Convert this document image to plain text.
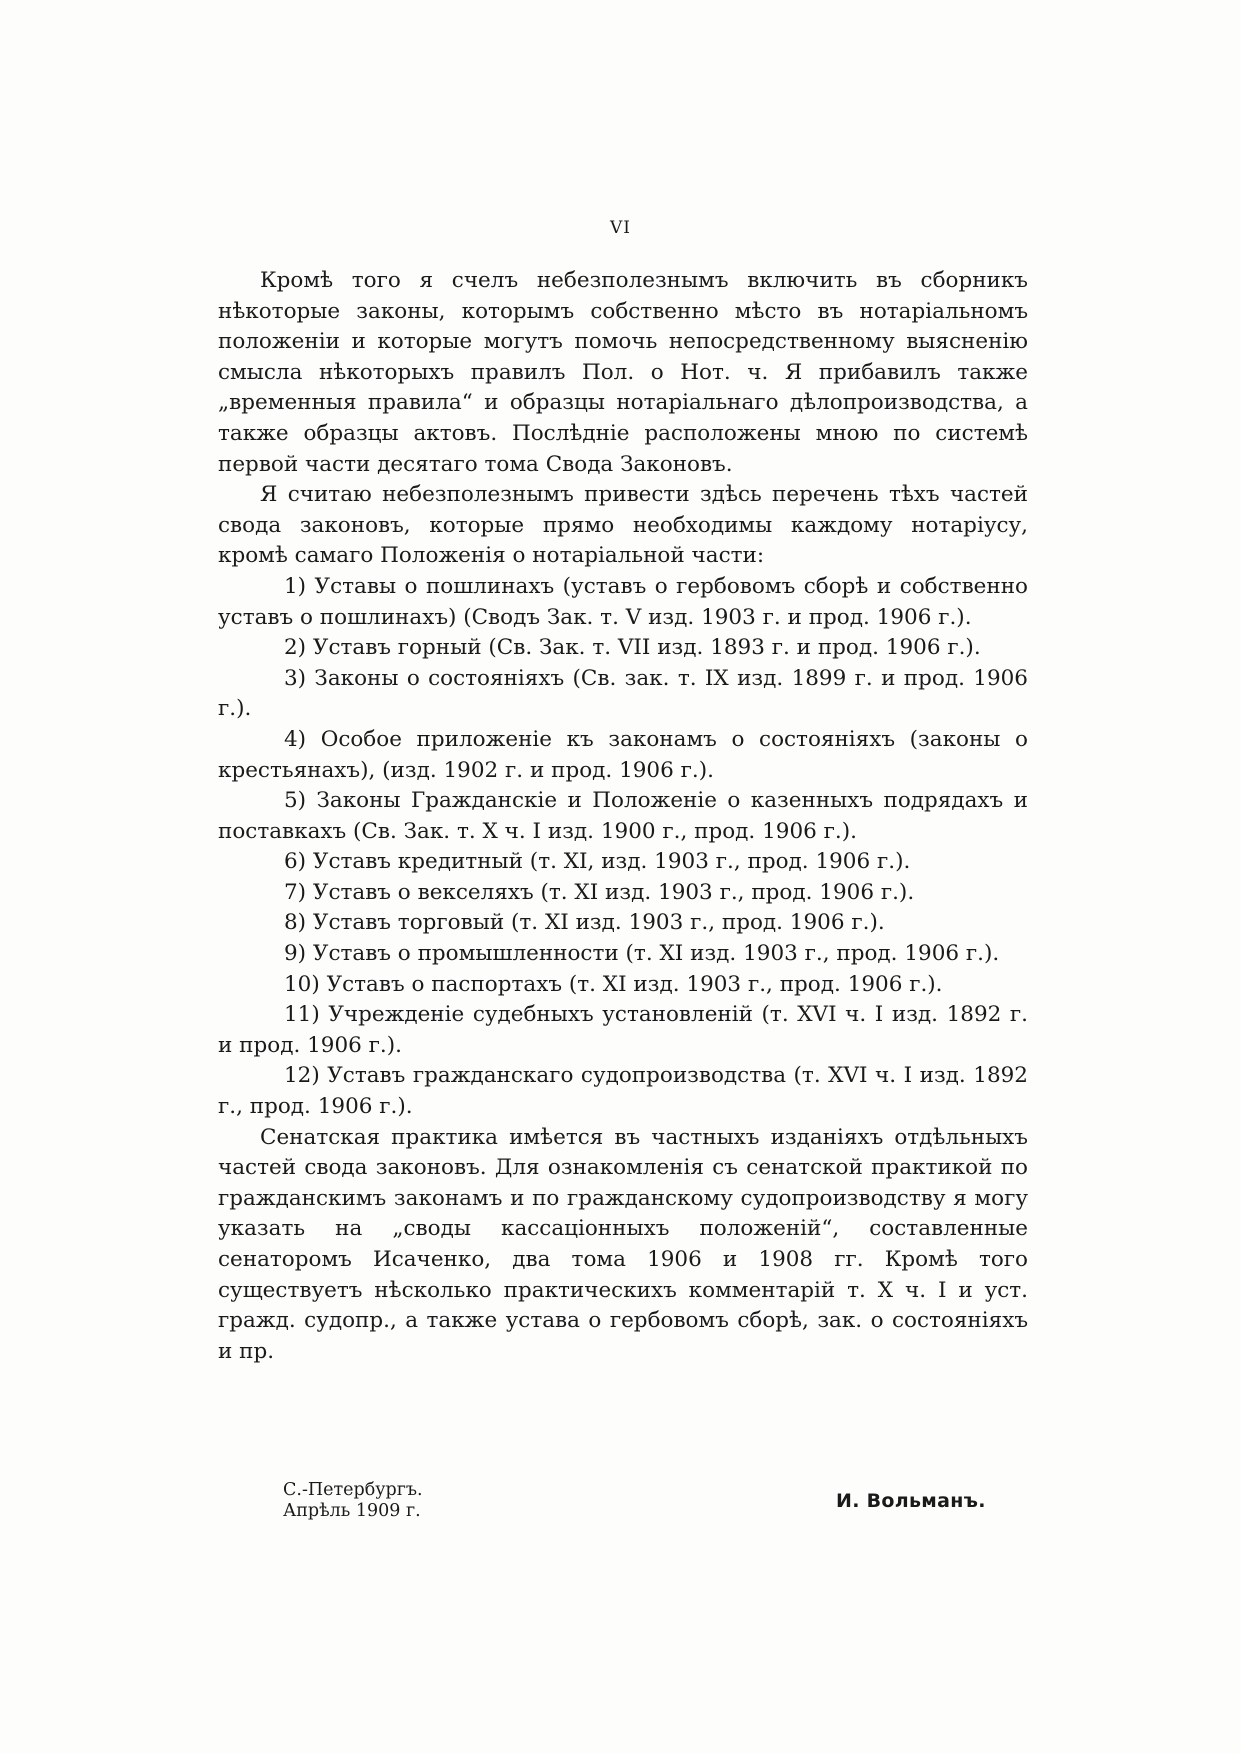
VI

Кромѣ того я счелъ небезполезнымъ включить въ сборникъ нѣкоторые законы, которымъ собственно мѣсто въ нотаріальномъ положеніи и которые могутъ помочь непосредственному выясненію смысла нѣкоторыхъ правилъ Пол. о Нот. ч. Я прибавилъ также „временныя правила“ и образцы нотаріальнаго дѣлопроизводства, а также образцы актовъ. Послѣдніе расположены мною по системѣ первой части десятаго тома Свода Законовъ.

Я считаю небезполезнымъ привести здѣсь перечень тѣхъ частей свода законовъ, которые прямо необходимы каждому нотаріусу, кромѣ самаго Положенія о нотаріальной части:

1) Уставы о пошлинахъ (уставъ о гербовомъ сборѣ и собственно уставъ о пошлинахъ) (Сводъ Зак. т. V изд. 1903 г. и прод. 1906 г.).

2) Уставъ горный (Св. Зак. т. VII изд. 1893 г. и прод. 1906 г.).

3) Законы о состояніяхъ (Св. зак. т. IX изд. 1899 г. и прод. 1906 г.).

4) Особое приложеніе къ законамъ о состояніяхъ (законы о крестьянахъ), (изд. 1902 г. и прод. 1906 г.).

5) Законы Гражданскіе и Положеніе о казенныхъ подрядахъ и поставкахъ (Св. Зак. т. X ч. I изд. 1900 г., прод. 1906 г.).

6) Уставъ кредитный (т. XI, изд. 1903 г., прод. 1906 г.).

7) Уставъ о векселяхъ (т. XI изд. 1903 г., прод. 1906 г.).

8) Уставъ торговый (т. XI изд. 1903 г., прод. 1906 г.).

9) Уставъ о промышленности (т. XI изд. 1903 г., прод. 1906 г.).

10) Уставъ о паспортахъ (т. XI изд. 1903 г., прод. 1906 г.).

11) Учрежденіе судебныхъ установленій (т. XVI ч. I изд. 1892 г. и прод. 1906 г.).

12) Уставъ гражданскаго судопроизводства (т. XVI ч. I изд. 1892 г., прод. 1906 г.).

Сенатская практика имѣется въ частныхъ изданіяхъ отдѣльныхъ частей свода законовъ. Для ознакомленія съ сенатской практикой по гражданскимъ законамъ и по гражданскому судопроизводству я могу указать на „своды кассаціонныхъ положеній“, составленные сенаторомъ Исаченко, два тома 1906 и 1908 гг. Кромѣ того существуетъ нѣсколько практическихъ комментарій т. X ч. I и уст. гражд. судопр., а также устава о гербовомъ сборѣ, зак. о состояніяхъ и пр.

С.-Петербургъ.
Апрѣль 1909 г.	И. Вольманъ.
